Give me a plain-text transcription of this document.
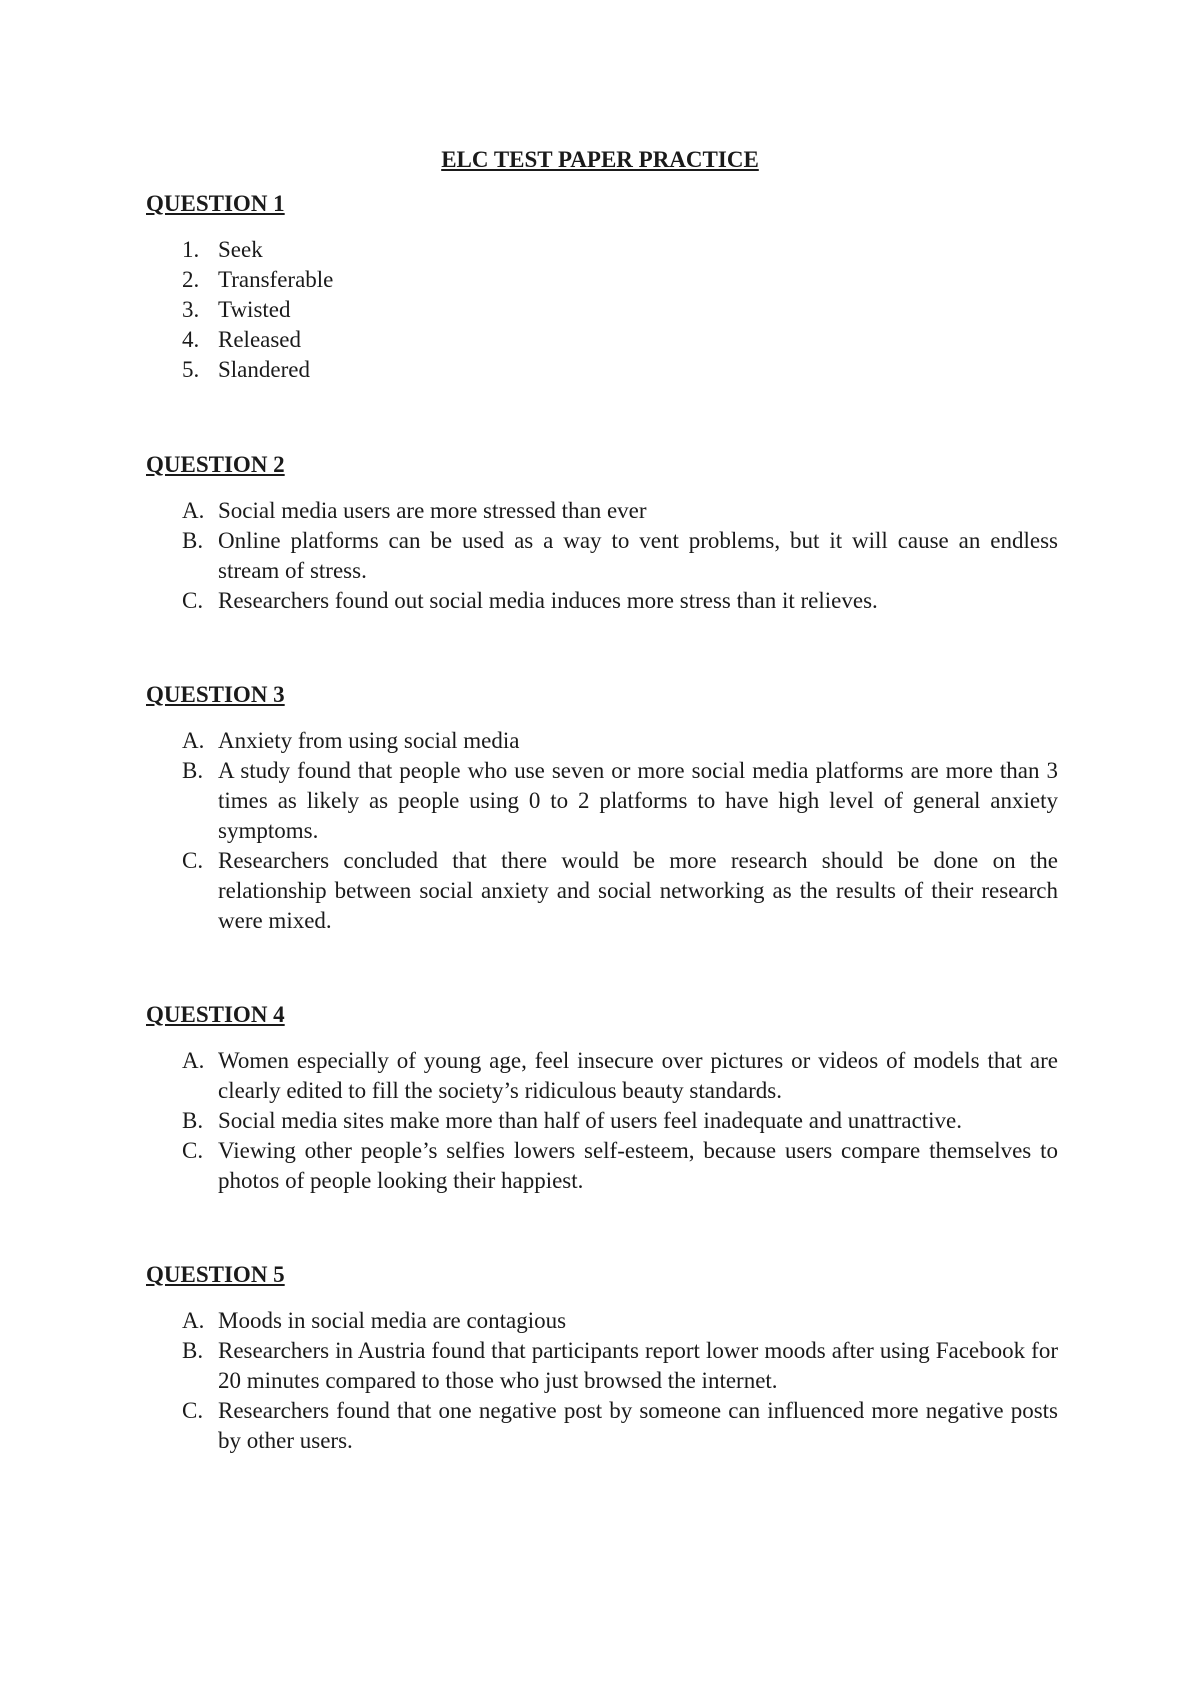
ELC TEST PAPER PRACTICE
QUESTION 1
1. Seek
2. Transferable
3. Twisted
4. Released
5. Slandered
QUESTION 2
A. Social media users are more stressed than ever
B. Online platforms can be used as a way to vent problems, but it will cause an endless stream of stress.
C. Researchers found out social media induces more stress than it relieves.
QUESTION 3
A. Anxiety from using social media
B. A study found that people who use seven or more social media platforms are more than 3 times as likely as people using 0 to 2 platforms to have high level of general anxiety symptoms.
C. Researchers concluded that there would be more research should be done on the relationship between social anxiety and social networking as the results of their research were mixed.
QUESTION 4
A. Women especially of young age, feel insecure over pictures or videos of models that are clearly edited to fill the society’s ridiculous beauty standards.
B. Social media sites make more than half of users feel inadequate and unattractive.
C. Viewing other people’s selfies lowers self-esteem, because users compare themselves to photos of people looking their happiest.
QUESTION 5
A. Moods in social media are contagious
B. Researchers in Austria found that participants report lower moods after using Facebook for 20 minutes compared to those who just browsed the internet.
C. Researchers found that one negative post by someone can influenced more negative posts by other users.
